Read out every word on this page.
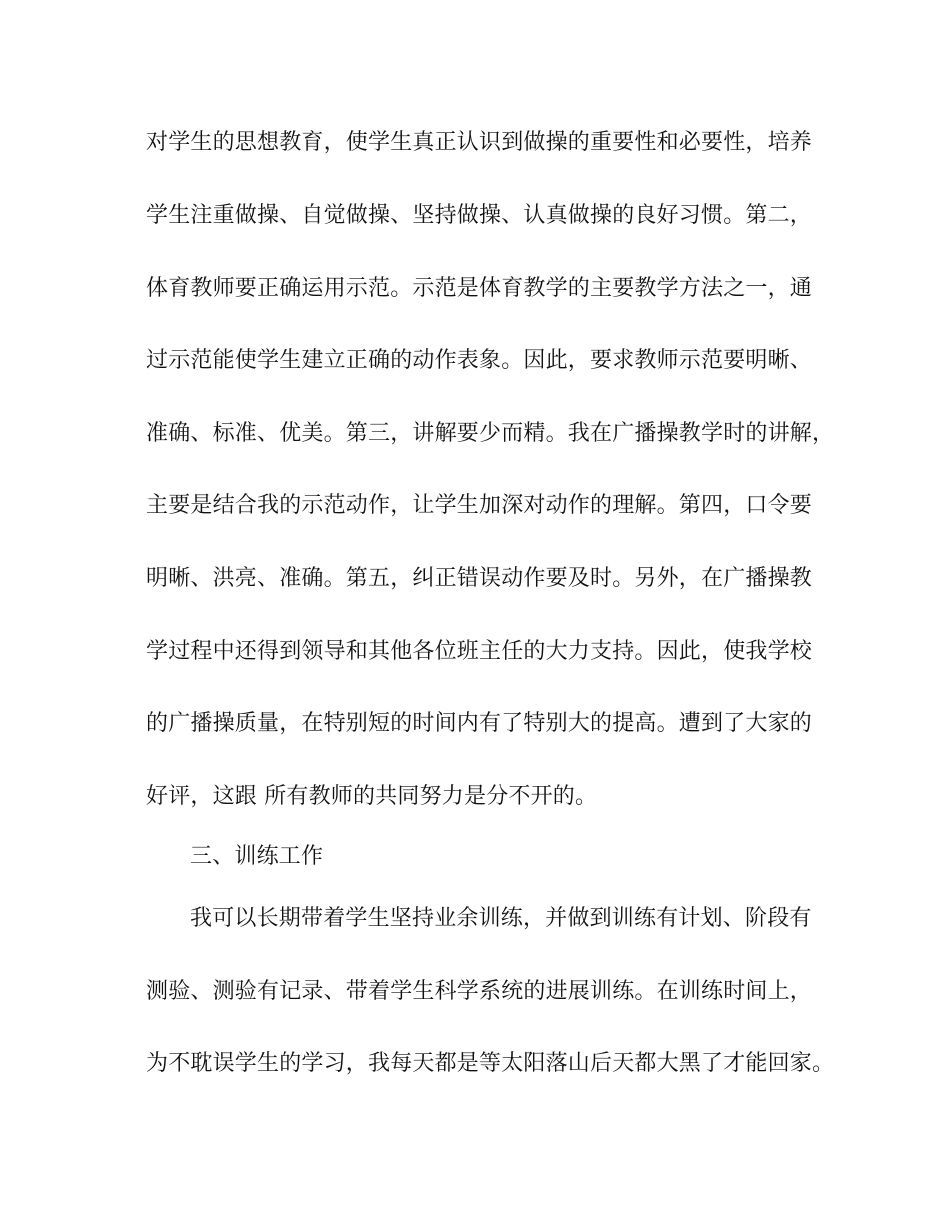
对学生的思想教育，使学生真正认识到做操的重要性和必要性，培养
学生注重做操、自觉做操、坚持做操、认真做操的良好习惯。第二，
体育教师要正确运用示范。示范是体育教学的主要教学方法之一，通
过示范能使学生建立正确的动作表象。因此，要求教师示范要明晰、
准确、标准、优美。第三，讲解要少而精。我在广播操教学时的讲解，
主要是结合我的示范动作，让学生加深对动作的理解。第四，口令要
明晰、洪亮、准确。第五，纠正错误动作要及时。另外，在广播操教
学过程中还得到领导和其他各位班主任的大力支持。因此，使我学校
的广播操质量，在特别短的时间内有了特别大的提高。遭到了大家的
好评，这跟 所有教师的共同努力是分不开的。
三、训练工作
我可以长期带着学生坚持业余训练，并做到训练有计划、阶段有
测验、测验有记录、带着学生科学系统的进展训练。在训练时间上，
为不耽误学生的学习，我每天都是等太阳落山后天都大黑了才能回家。
